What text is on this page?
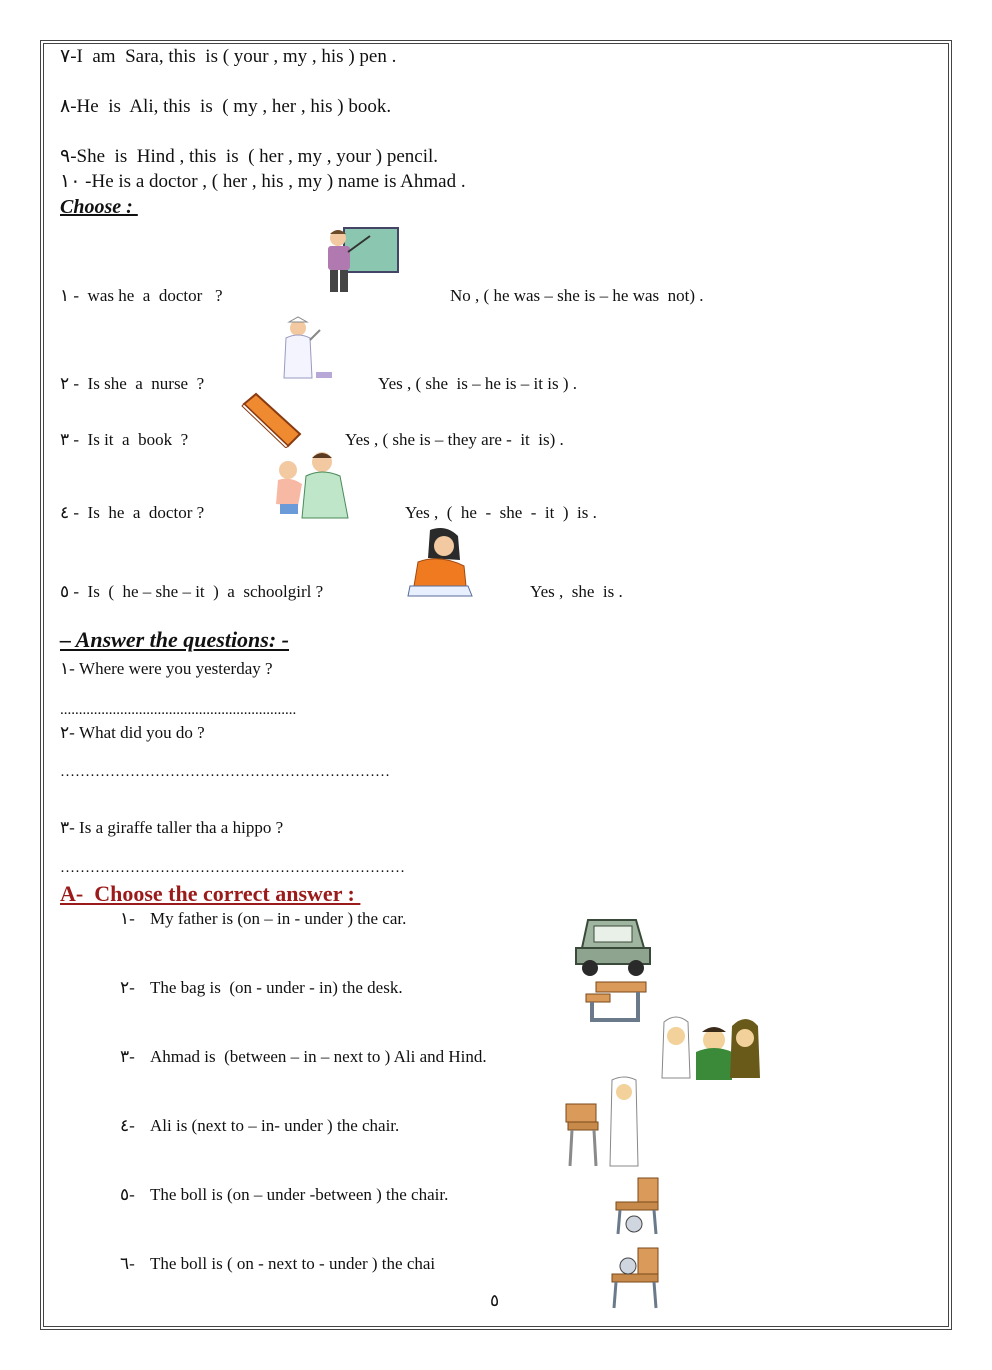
٧-I  am  Sara, this  is ( your , my , his ) pen .
٨-He  is  Ali, this  is  ( my , her , his ) book.
٩-She  is  Hind , this  is  ( her , my , your ) pencil.
١٠ -He is a doctor , ( her , his , my ) name is Ahmad .
Choose :
١ -  was he  a  doctor   ?	No , ( he was – she is – he was  not) .
٢ -  Is she  a  nurse  ?	Yes , ( she  is – he is – it is ) .
٣ -  Is it  a  book  ?	Yes , ( she is – they are -  it  is) .
٤ -  Is  he  a  doctor ?	Yes ,  (  he  -  she  -  it  )  is .
٥ -  Is  (  he – she – it  )  a  schoolgirl ?	Yes ,  she  is .
– Answer the questions: -
١- Where were you yesterday ?
...............................................................
٢- What did you do ?
…………………………………………………………
٣- Is a giraffe taller tha a hippo ?
……………………………………………………………
A-  Choose the correct answer :
١- My father is (on – in - under ) the car.
٢- The bag is  (on - under - in) the desk.
٣- Ahmad is  (between – in – next to ) Ali and Hind.
٤- Ali is (next to – in- under ) the chair.
٥- The boll is (on – under -between ) the chair.
٦- The boll is ( on - next to - under ) the chai
٥
